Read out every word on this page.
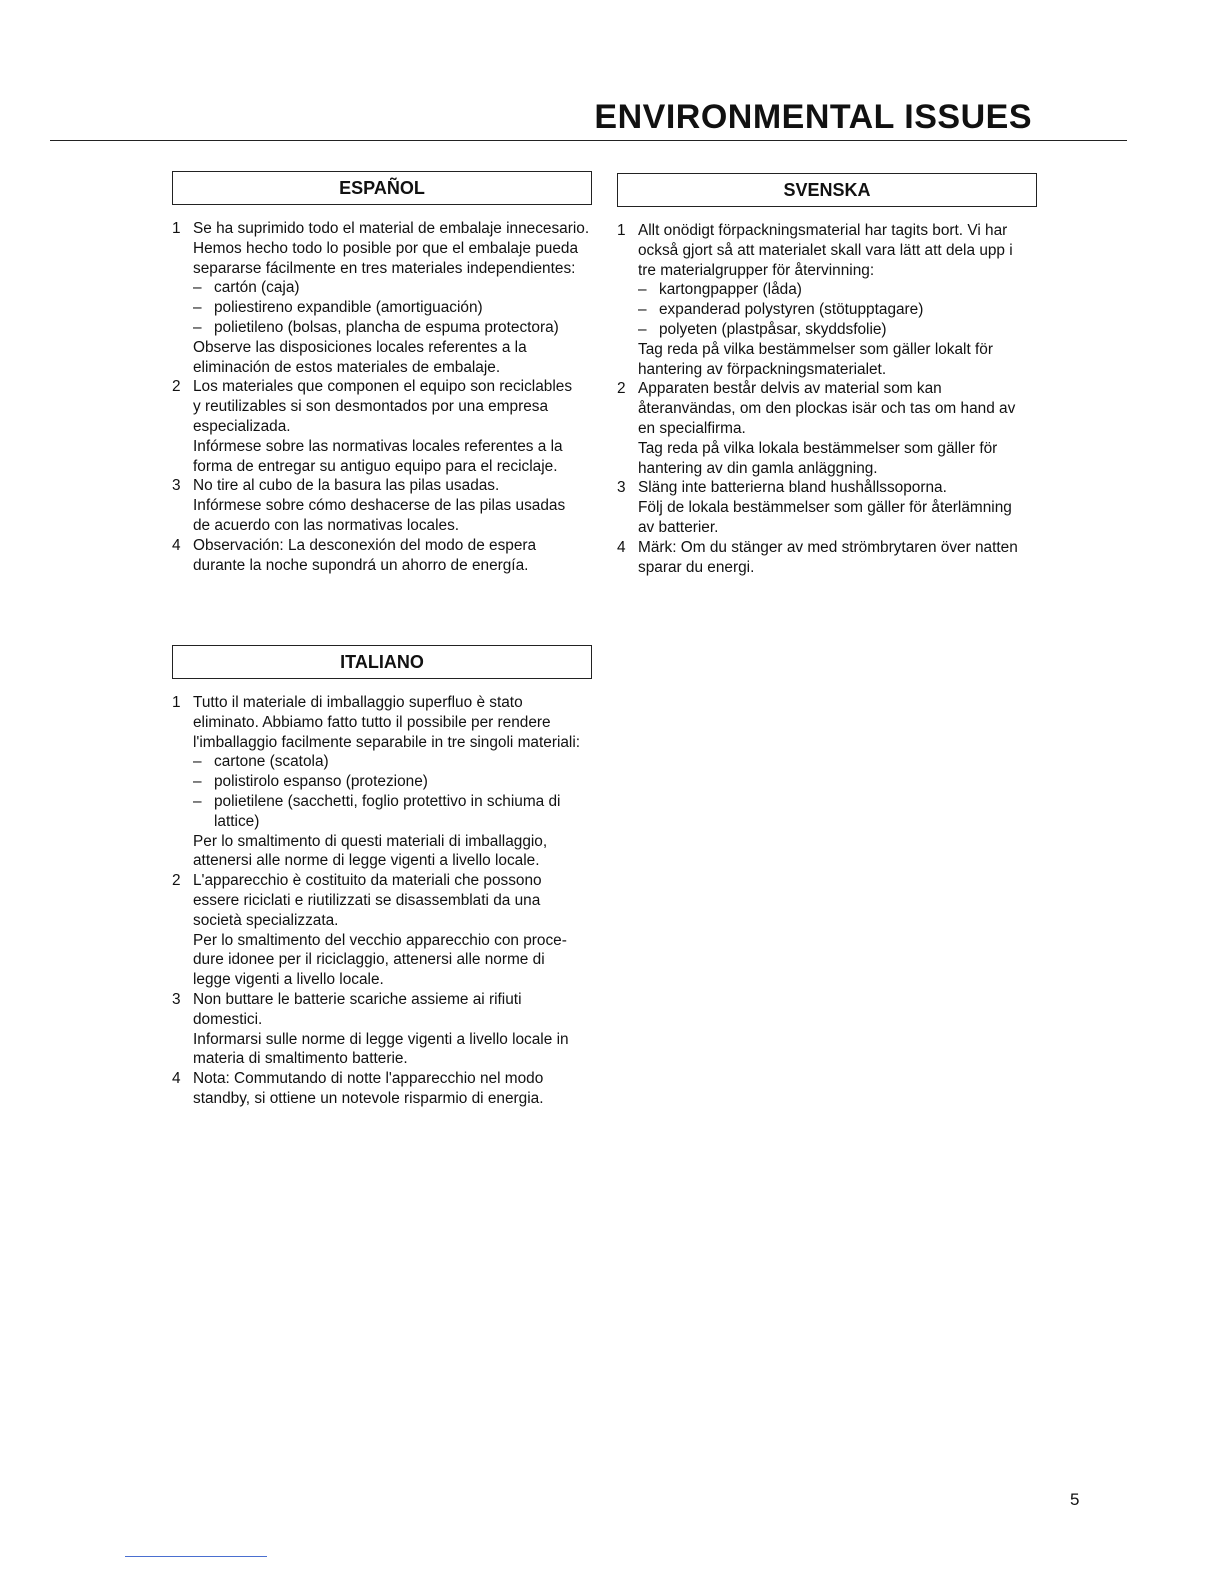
ENVIRONMENTAL ISSUES
ESPAÑOL
1 Se ha suprimido todo el material de embalaje innecesario.
Hemos hecho todo lo posible por que el embalaje pueda
separarse fácilmente en tres materiales independientes:
– cartón (caja)
– poliestireno expandible (amortiguación)
– polietileno (bolsas, plancha de espuma protectora)
Observe las disposiciones locales referentes a la
eliminación de estos materiales de embalaje.
2 Los materiales que componen el equipo son reciclables
y reutilizables si son desmontados por una empresa
especializada.
Infórmese sobre las normativas locales referentes a la
forma de entregar su antiguo equipo para el reciclaje.
3 No tire al cubo de la basura las pilas usadas.
Infórmese sobre cómo deshacerse de las pilas usadas
de acuerdo con las normativas locales.
4 Observación: La desconexión del modo de espera
durante la noche supondrá un ahorro de energía.
SVENSKA
1 Allt onödigt förpackningsmaterial har tagits bort. Vi har
också gjort så att materialet skall vara lätt att dela upp i
tre materialgrupper för återvinning:
– kartongpapper (låda)
– expanderad polystyren (stötupptagare)
– polyeten (plastpåsar, skyddsfolie)
Tag reda på vilka bestämmelser som gäller lokalt för
hantering av förpackningsmaterialet.
2 Apparaten består delvis av material som kan
återanvändas, om den plockas isär och tas om hand av
en specialfirma.
Tag reda på vilka lokala bestämmelser som gäller för
hantering av din gamla anläggning.
3 Släng inte batterierna bland hushållssoporna.
Följ de lokala bestämmelser som gäller för återlämning
av batterier.
4 Märk: Om du stänger av med strömbrytaren över natten
sparar du energi.
ITALIANO
1 Tutto il materiale di imballaggio superfluo è stato
eliminato. Abbiamo fatto tutto il possibile per rendere
l'imballaggio facilmente separabile in tre singoli materiali:
– cartone (scatola)
– polistirolo espanso (protezione)
– polietilene (sacchetti, foglio protettivo in schiuma di lattice)
Per lo smaltimento di questi materiali di imballaggio,
attenersi alle norme di legge vigenti a livello locale.
2 L'apparecchio è costituito da materiali che possono
essere riciclati e riutilizzati se disassemblati da una
società specializzata.
Per lo smaltimento del vecchio apparecchio con proce-
dure idonee per il riciclaggio, attenersi alle norme di
legge vigenti a livello locale.
3 Non buttare le batterie scariche assieme ai rifiuti
domestici.
Informarsi sulle norme di legge vigenti a livello locale in
materia di smaltimento batterie.
4 Nota: Commutando di notte l'apparecchio nel modo
standby, si ottiene un notevole risparmio di energia.
5
